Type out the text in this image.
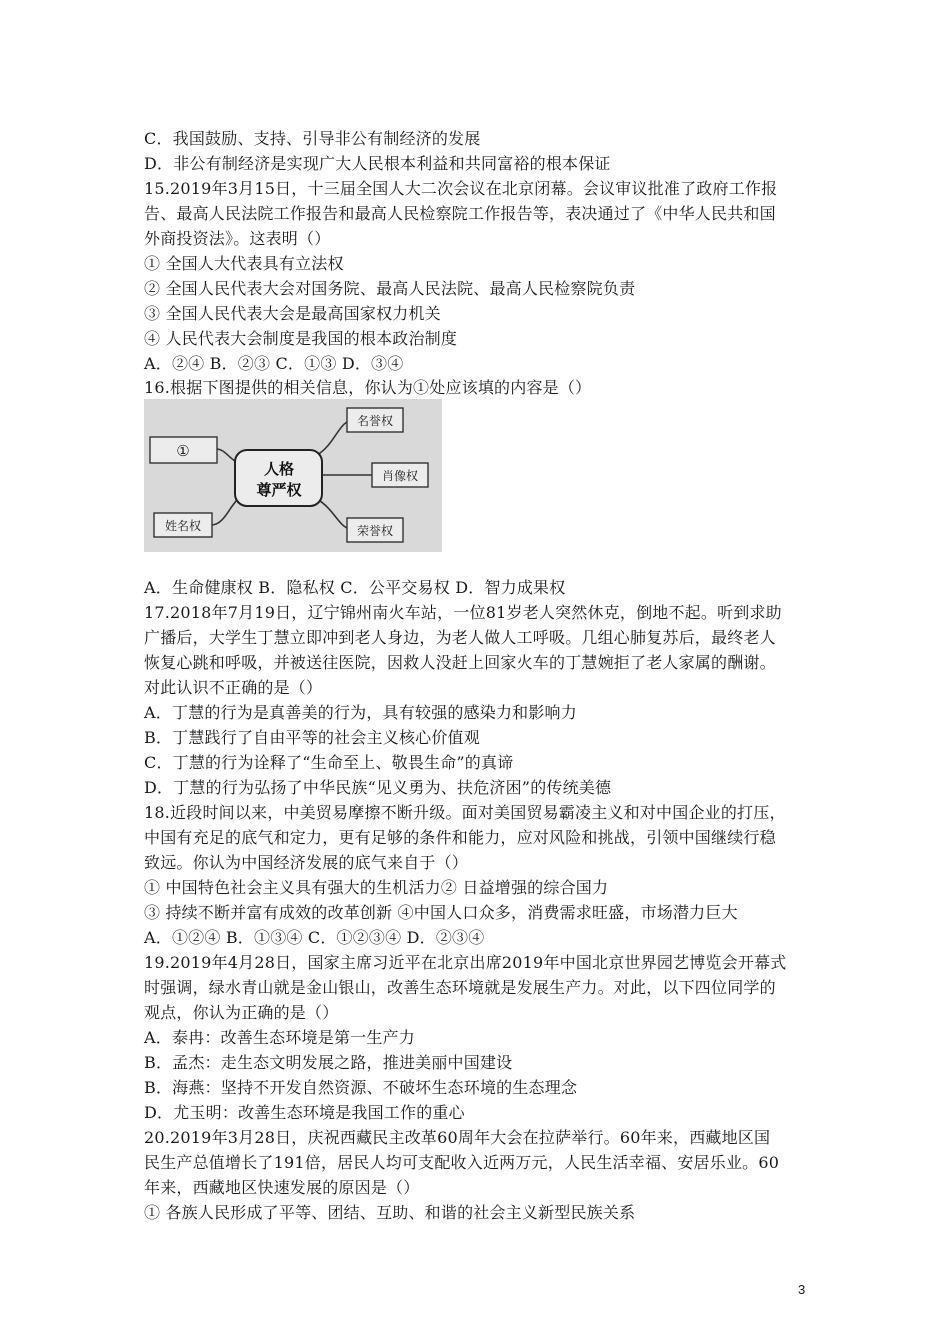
C．我国鼓励、支持、引导非公有制经济的发展
D．非公有制经济是实现广大人民根本利益和共同富裕的根本保证
15.2019年3月15日，十三届全国人大二次会议在北京闭幕。会议审议批准了政府工作报
告、最高人民法院工作报告和最高人民检察院工作报告等，表决通过了《中华人民共和国
外商投资法》。这表明（）
① 全国人大代表具有立法权
② 全国人民代表大会对国务院、最高人民法院、最高人民检察院负责
③ 全国人民代表大会是最高国家权力机关
④ 人民代表大会制度是我国的根本政治制度
A．②④ B．②③ C．①③ D．③④
16.根据下图提供的相关信息，你认为①处应该填的内容是（）
人格
尊严权
①
名誉权
肖像权
姓名权	荣誉权
A．生命健康权 B．隐私权 C．公平交易权 D．智力成果权
17.2018年7月19日，辽宁锦州南火车站，一位81岁老人突然休克，倒地不起。听到求助
广播后，大学生丁慧立即冲到老人身边，为老人做人工呼吸。几组心肺复苏后，最终老人
恢复心跳和呼吸，并被送往医院，因救人没赶上回家火车的丁慧婉拒了老人家属的酬谢。
对此认识不正确的是（）
A．丁慧的行为是真善美的行为，具有较强的感染力和影响力
B．丁慧践行了自由平等的社会主义核心价值观
C．丁慧的行为诠释了“生命至上、敬畏生命”的真谛
D．丁慧的行为弘扬了中华民族“见义勇为、扶危济困”的传统美德
18.近段时间以来，中美贸易摩擦不断升级。面对美国贸易霸凌主义和对中国企业的打压，
中国有充足的底气和定力，更有足够的条件和能力，应对风险和挑战，引领中国继续行稳
致远。你认为中国经济发展的底气来自于（）
① 中国特色社会主义具有强大的生机活力② 日益增强的综合国力
③ 持续不断并富有成效的改革创新 ④中国人口众多，消费需求旺盛，市场潜力巨大
A．①②④ B．①③④ C．①②③④ D．②③④
19.2019年4月28日，国家主席习近平在北京出席2019年中国北京世界园艺博览会开幕式
时强调，绿水青山就是金山银山，改善生态环境就是发展生产力。对此，以下四位同学的
观点，你认为正确的是（）
A．泰冉：改善生态环境是第一生产力
B．孟杰：走生态文明发展之路，推进美丽中国建设
B．海燕：坚持不开发自然资源、不破坏生态环境的生态理念
D．尤玉明：改善生态环境是我国工作的重心
20.2019年3月28日，庆祝西藏民主改革60周年大会在拉萨举行。60年来，西藏地区国
民生产总值增长了191倍，居民人均可支配收入近两万元，人民生活幸福、安居乐业。60
年来，西藏地区快速发展的原因是（）
① 各族人民形成了平等、团结、互助、和谐的社会主义新型民族关系
3
